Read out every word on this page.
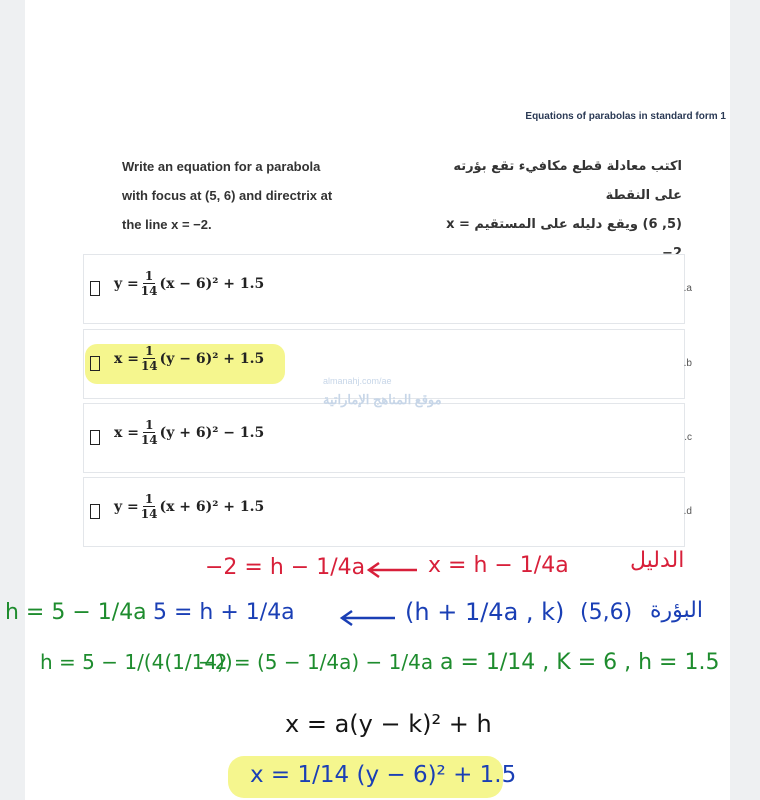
Equations of parabolas in standard form 1
Write an equation for a parabola
with focus at (5, 6) and directrix at
the line x = −2.
اكتب معادلة قطع مكافيء تقع بؤرته على النقطة
(5, 6) ويقع دليله على المستقيم x =
$y = \frac{1}{14} (x - 6)^2 + 1.5$	.a
$x = \frac{1}{14} (y - 6)^2 + 1.5$	.b
$x = \frac{1}{14} (y + 6)^2 - 1.5$	.c
$y = \frac{1}{14} (x + 6)^2 + 1.5$	.d
almanahj.com/ae
موقع المناهج الإماراتية
الدليل
x = h − 1/4a
−2 = h − 1/4a
البؤرة
(5,6)
(h + 1/4a , k)
5 = h + 1/4a
h = 5 − 1/4a
h = 5 − 1/(4(1/14))
−2 = (5 − 1/4a) − 1/4a a = 1/14 , K = 6 , h = 1.5
x = a(y − k)² + h
x = 1/14 (y − 6)² + 1.5
